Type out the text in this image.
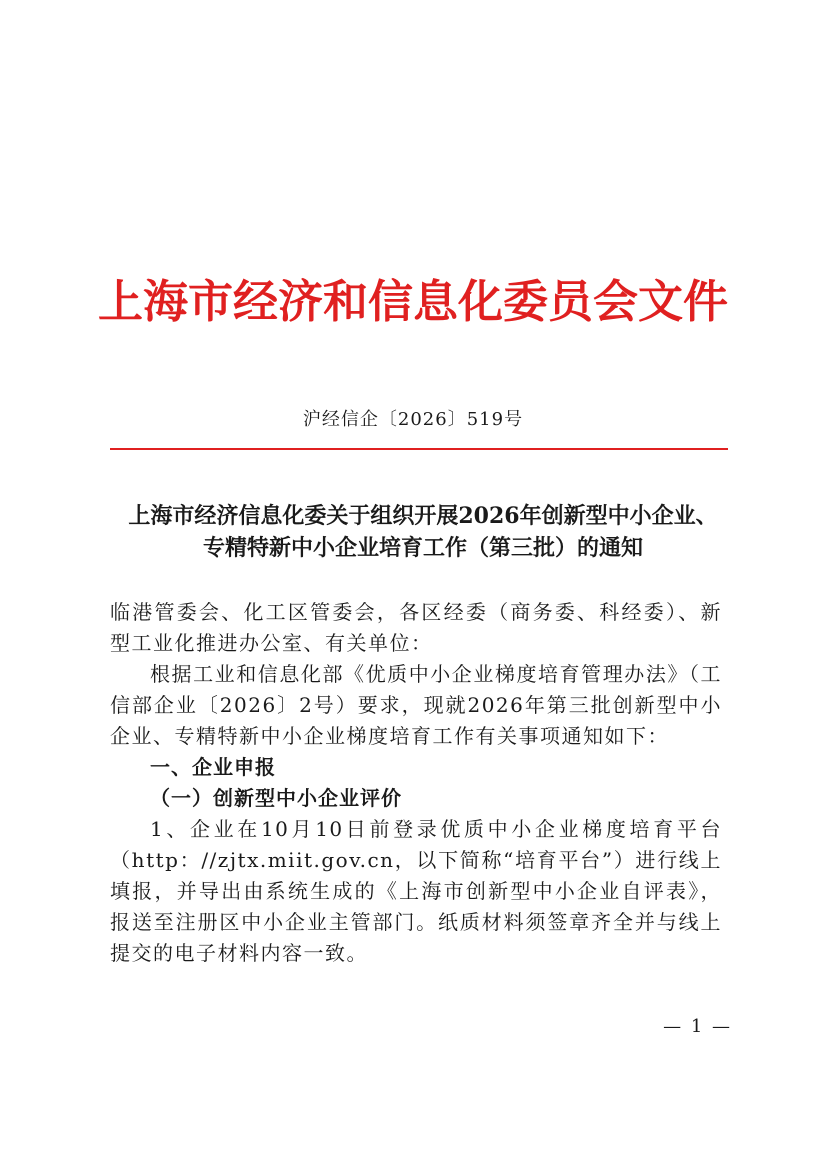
上海市经济和信息化委员会文件
沪经信企〔2026〕519号
上海市经济信息化委关于组织开展2026年创新型中小企业、
专精特新中小企业培育工作（第三批）的通知

临港管委会、化工区管委会，各区经委（商务委、科经委）、新型工业化推进办公室、有关单位：

根据工业和信息化部《优质中小企业梯度培育管理办法》（工信部企业〔2026〕2号）要求，现就2026年第三批创新型中小企业、专精特新中小企业梯度培育工作有关事项通知如下：

一、企业申报

（一）创新型中小企业评价

1、企业在10月10日前登录优质中小企业梯度培育平台（http：//zjtx.miit.gov.cn，以下简称“培育平台”）进行线上填报，并导出由系统生成的《上海市创新型中小企业自评表》，报送至注册区中小企业主管部门。纸质材料须签章齐全并与线上提交的电子材料内容一致。

— 1 —
